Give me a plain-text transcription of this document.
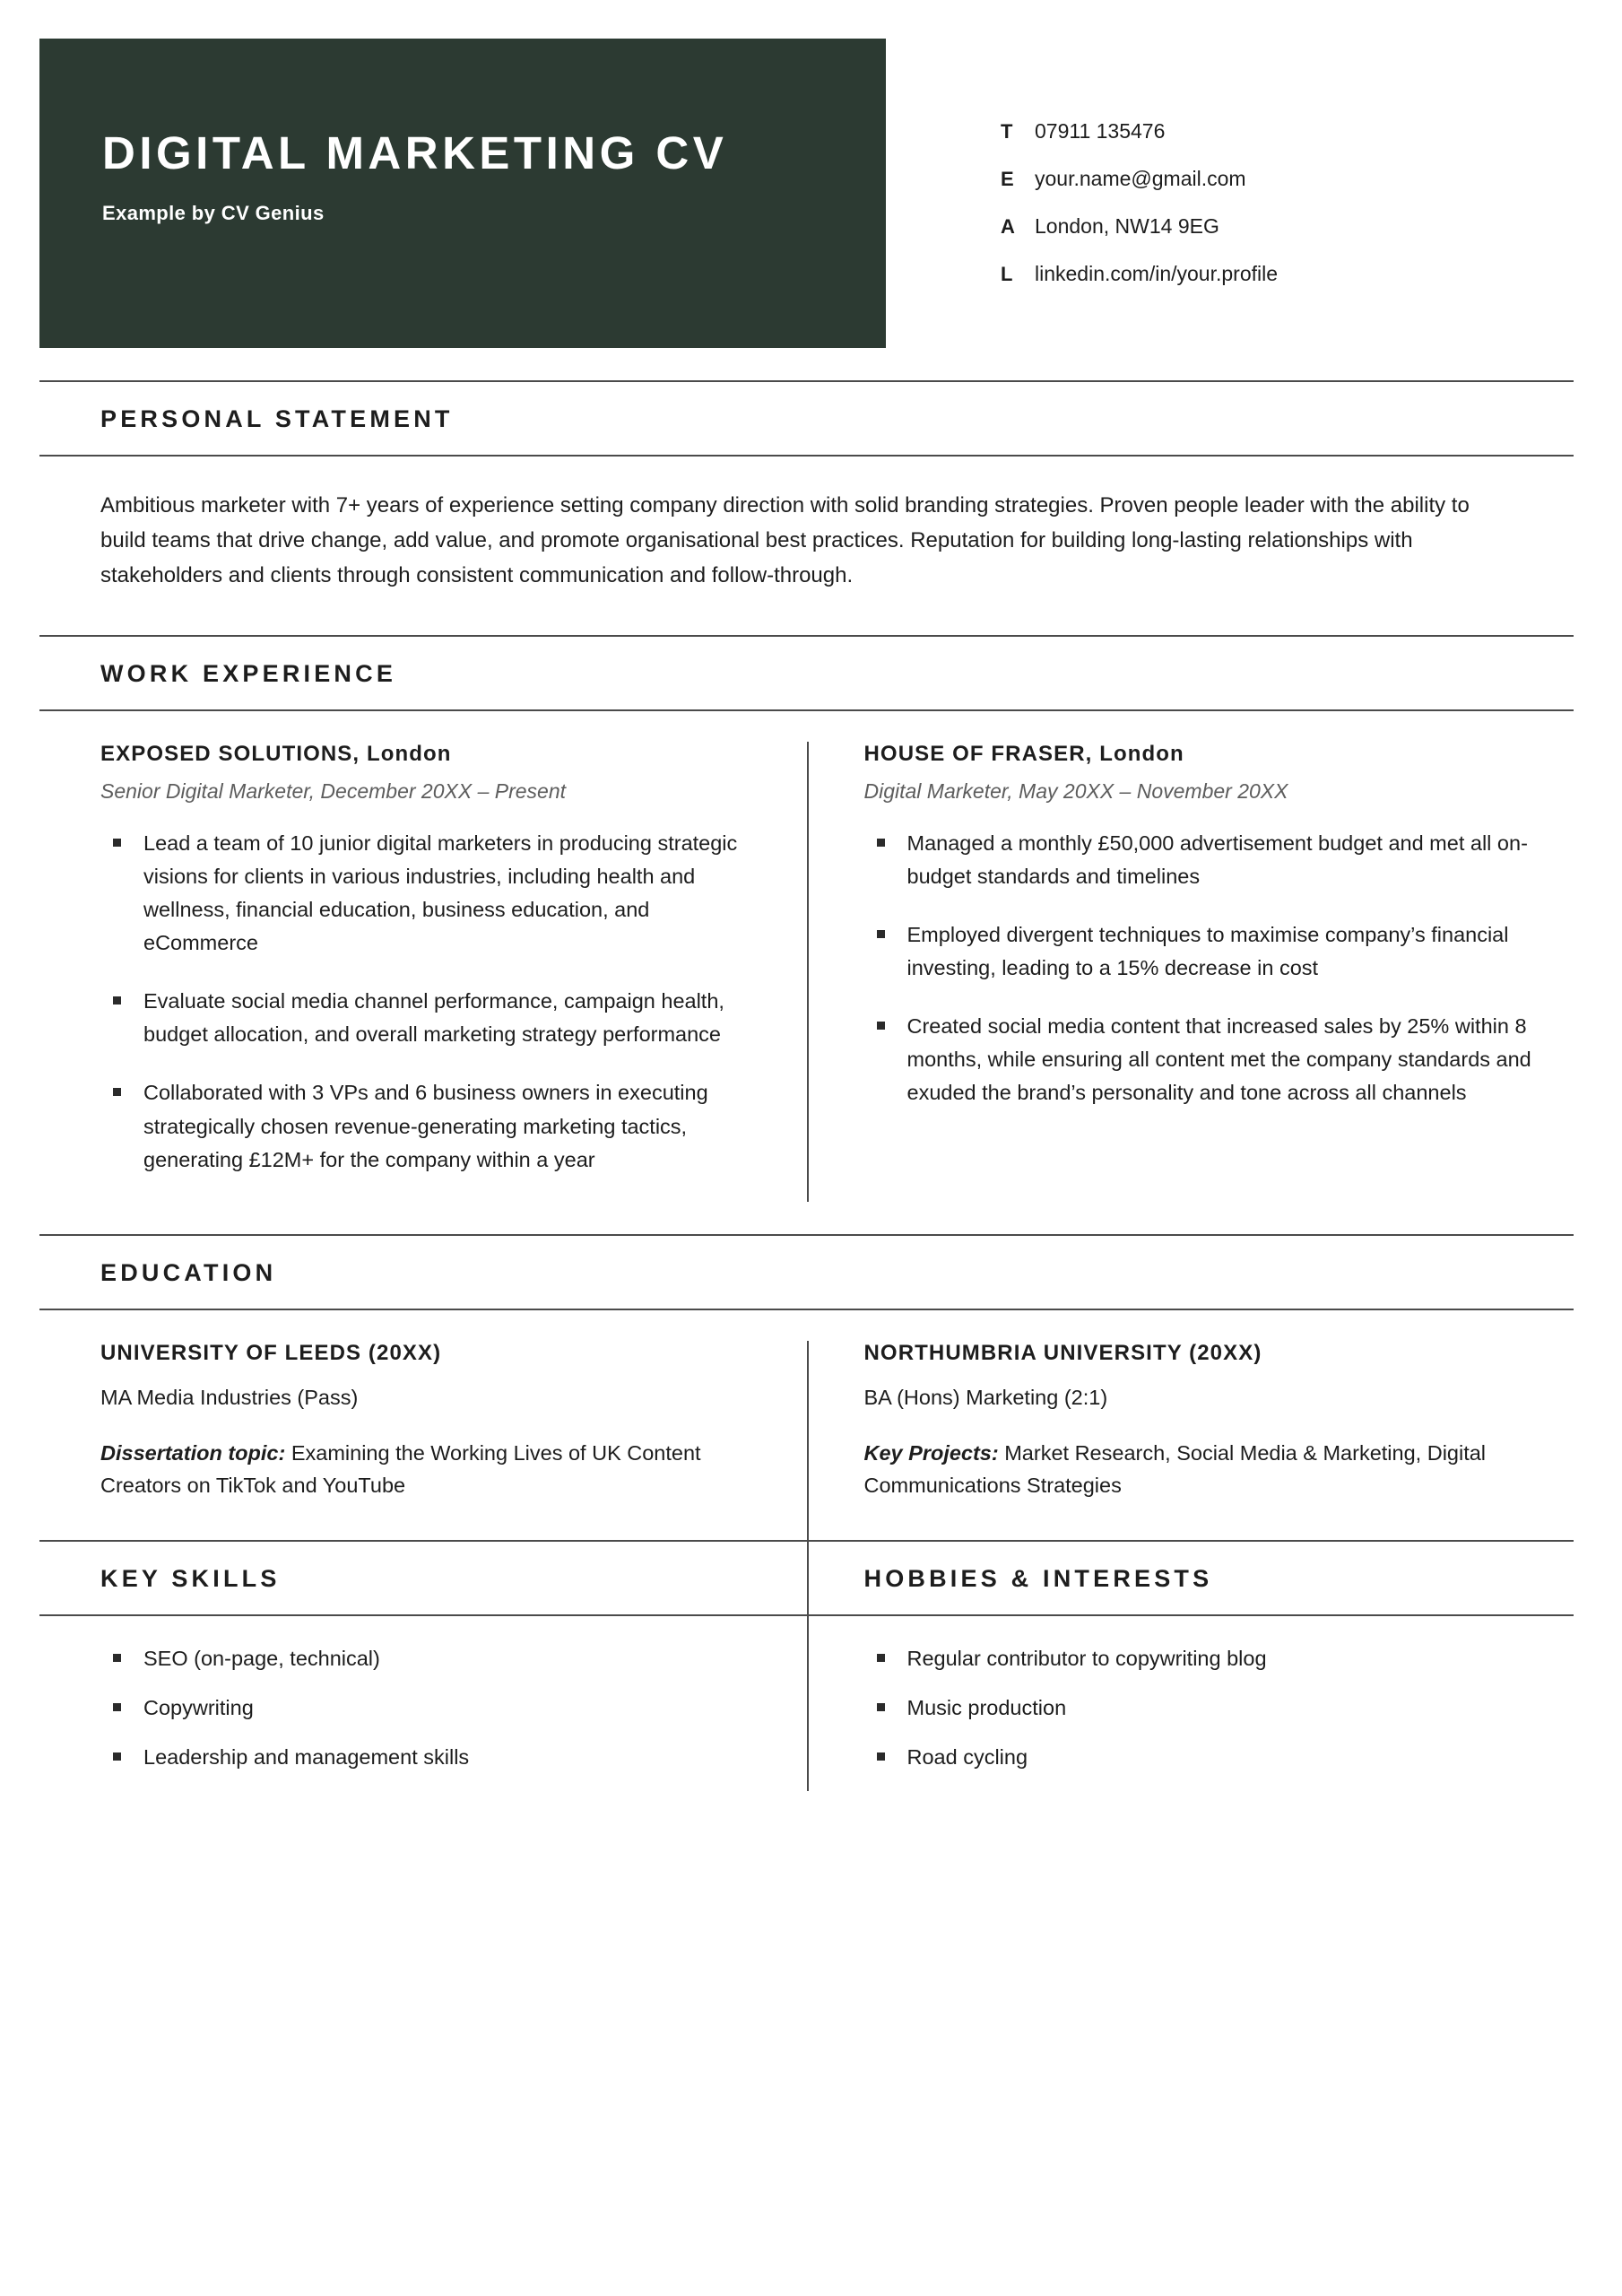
DIGITAL MARKETING CV
Example by CV Genius
T	07911 135476
E	your.name@gmail.com
A London, NW14 9EG
L	linkedin.com/in/your.profile
PERSONAL STATEMENT
Ambitious marketer with 7+ years of experience setting company direction with solid branding strategies. Proven people leader with the ability to build teams that drive change, add value, and promote organisational best practices. Reputation for building long-lasting relationships with stakeholders and clients through consistent communication and follow-through.
WORK EXPERIENCE
EXPOSED SOLUTIONS, London
Senior Digital Marketer, December 20XX – Present
Lead a team of 10 junior digital marketers in producing strategic visions for clients in various industries, including health and wellness, financial education, business education, and eCommerce
Evaluate social media channel performance, campaign health, budget allocation, and overall marketing strategy performance
Collaborated with 3 VPs and 6 business owners in executing strategically chosen revenue-generating marketing tactics, generating £12M+ for the company within a year
HOUSE OF FRASER, London
Digital Marketer, May 20XX – November 20XX
Managed a monthly £50,000 advertisement budget and met all on-budget standards and timelines
Employed divergent techniques to maximise company’s financial investing, leading to a 15% decrease in cost
Created social media content that increased sales by 25% within 8 months, while ensuring all content met the company standards and exuded the brand’s personality and tone across all channels
EDUCATION
UNIVERSITY OF LEEDS (20XX)
MA Media Industries (Pass)
Dissertation topic: Examining the Working Lives of UK Content Creators on TikTok and YouTube
NORTHUMBRIA UNIVERSITY (20XX)
BA (Hons) Marketing (2:1)
Key Projects: Market Research, Social Media & Marketing, Digital Communications Strategies
KEY SKILLS
SEO (on-page, technical)
Copywriting
Leadership and management skills
HOBBIES & INTERESTS
Regular contributor to copywriting blog
Music production
Road cycling
